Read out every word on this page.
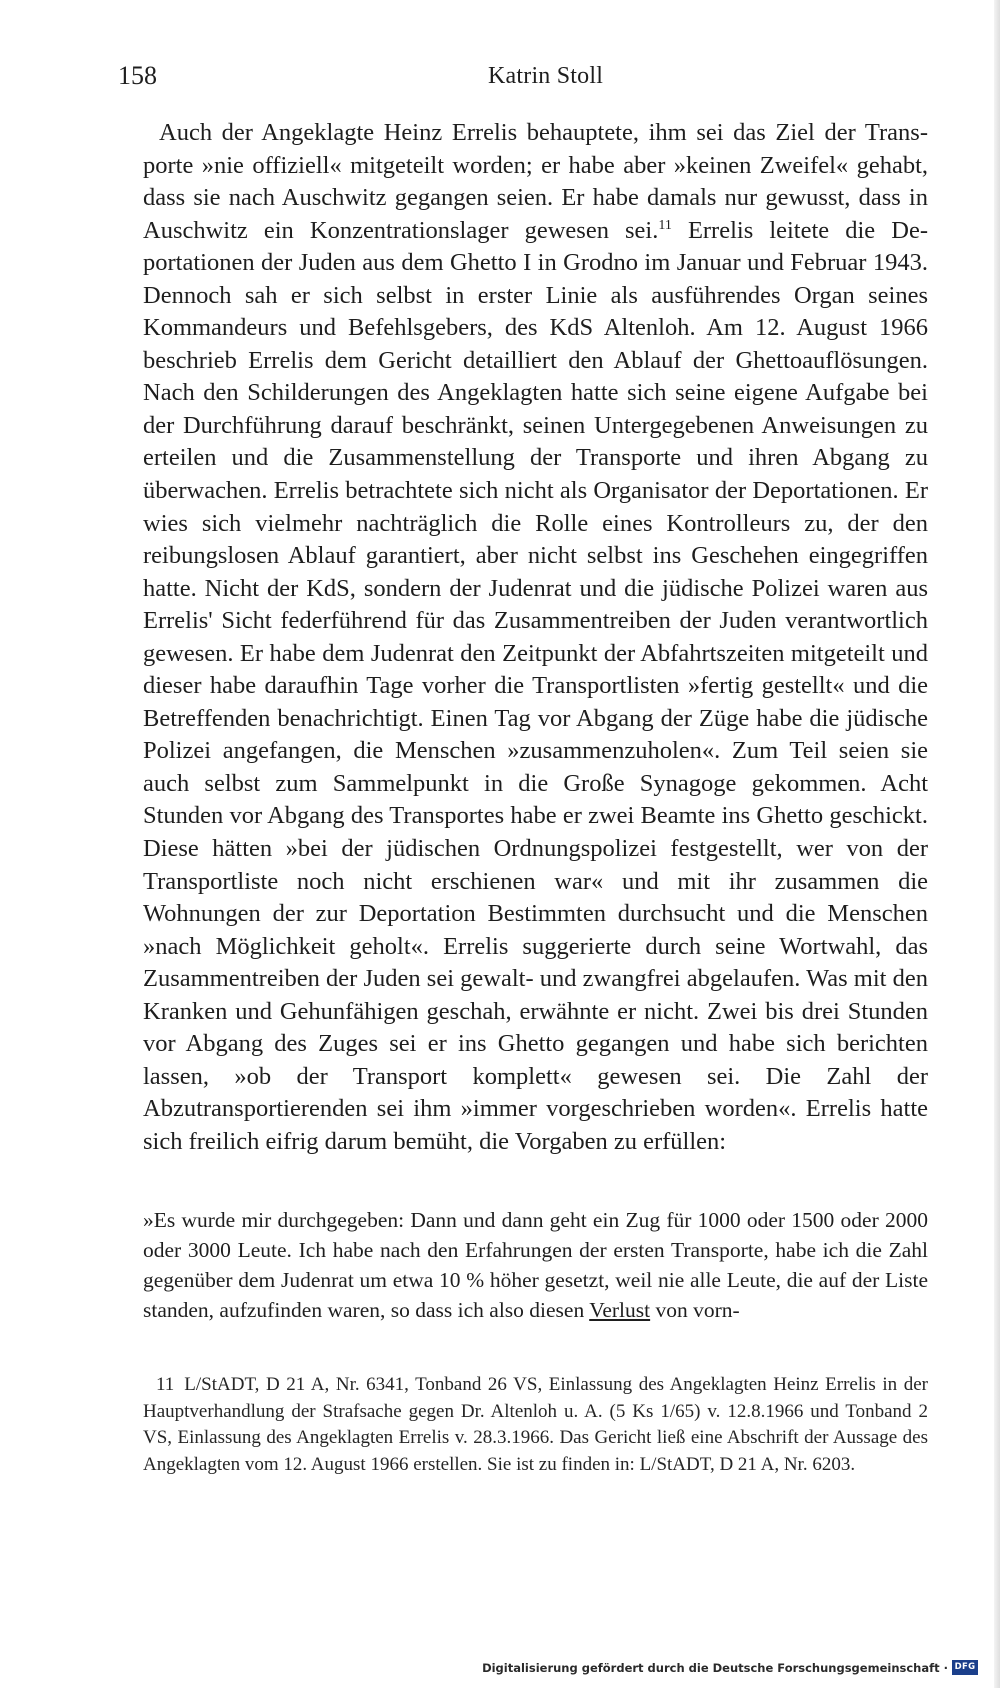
158	Katrin Stoll

Auch der Angeklagte Heinz Errelis behauptete, ihm sei das Ziel der Transporte »nie offiziell« mitgeteilt worden; er habe aber »keinen Zweifel« gehabt, dass sie nach Auschwitz gegangen seien. Er habe damals nur gewusst, dass in Auschwitz ein Konzentrationslager gewesen sei.$^{11}$ Errelis leitete die Deportationen der Juden aus dem Ghetto I in Grodno im Januar und Februar 1943. Dennoch sah er sich selbst in erster Linie als ausführendes Organ seines Kommandeurs und Befehlsgebers, des KdS Altenloh. Am 12. August 1966 beschrieb Errelis dem Gericht detailliert den Ablauf der Ghettoauflösungen. Nach den Schilderungen des Angeklagten hatte sich seine eigene Aufgabe bei der Durchführung darauf beschränkt, seinen Untergegebenen Anweisungen zu erteilen und die Zusammenstellung der Transporte und ihren Abgang zu überwachen. Errelis betrachtete sich nicht als Organisator der Deportationen. Er wies sich vielmehr nachträglich die Rolle eines Kontrolleurs zu, der den reibungslosen Ablauf garantiert, aber nicht selbst ins Geschehen eingegriffen hatte. Nicht der KdS, sondern der Judenrat und die jüdische Polizei waren aus Errelis' Sicht federführend für das Zusammentreiben der Juden verantwortlich gewesen. Er habe dem Judenrat den Zeitpunkt der Abfahrtszeiten mitgeteilt und dieser habe daraufhin Tage vorher die Transportlisten »fertig gestellt« und die Betreffenden benachrichtigt. Einen Tag vor Abgang der Züge habe die jüdische Polizei angefangen, die Menschen »zusammenzuholen«. Zum Teil seien sie auch selbst zum Sammelpunkt in die Große Synagoge gekommen. Acht Stunden vor Abgang des Transportes habe er zwei Beamte ins Ghetto geschickt. Diese hätten »bei der jüdischen Ordnungspolizei festgestellt, wer von der Transportliste noch nicht erschienen war« und mit ihr zusammen die Wohnungen der zur Deportation Bestimmten durchsucht und die Menschen »nach Möglichkeit geholt«. Errelis suggerierte durch seine Wortwahl, das Zusammentreiben der Juden sei gewalt- und zwangfrei abgelaufen. Was mit den Kranken und Gehunfähigen geschah, erwähnte er nicht. Zwei bis drei Stunden vor Abgang des Zuges sei er ins Ghetto gegangen und habe sich berichten lassen, »ob der Transport komplett« gewesen sei. Die Zahl der Abzutransportierenden sei ihm »immer vorgeschrieben worden«. Errelis hatte sich freilich eifrig darum bemüht, die Vorgaben zu erfüllen:

»Es wurde mir durchgegeben: Dann und dann geht ein Zug für 1000 oder 1500 oder 2000 oder 3000 Leute. Ich habe nach den Erfahrungen der ersten Transporte, habe ich die Zahl gegenüber dem Judenrat um etwa 10 % höher gesetzt, weil nie alle Leute, die auf der Liste standen, aufzufinden waren, so dass ich also diesen Verlust von vorn-

11 L/StADT, D 21 A, Nr. 6341, Tonband 26 VS, Einlassung des Angeklagten Heinz Errelis in der Hauptverhandlung der Strafsache gegen Dr. Altenloh u. A. (5 Ks 1/65) v. 12.8.1966 und Tonband 2 VS, Einlassung des Angeklagten Errelis v. 28.3.1966. Das Gericht ließ eine Abschrift der Aussage des Angeklagten vom 12. August 1966 erstellen. Sie ist zu finden in: L/StADT, D 21 A, Nr. 6203.

Digitalisierung gefördert durch die Deutsche Forschungsgemeinschaft · DFG
